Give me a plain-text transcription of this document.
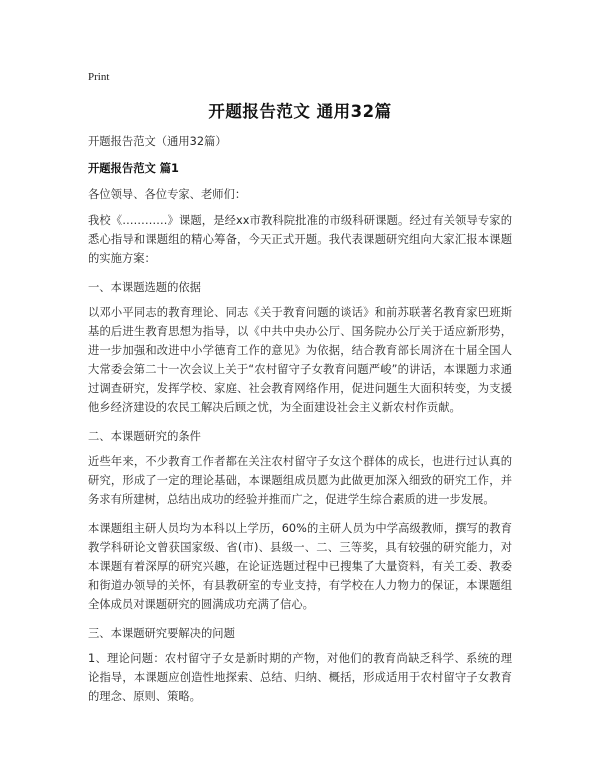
Print
开题报告范文 通用32篇

开题报告范文（通用32篇）

开题报告范文 篇1

各位领导、各位专家、老师们：

我校《…………》课题，是经xx市教科院批准的市级科研课题。经过有关领导专家的悉心指导和课题组的精心筹备，今天正式开题。我代表课题研究组向大家汇报本课题的实施方案：

一、本课题选题的依据

以邓小平同志的教育理论、同志《关于教育问题的谈话》和前苏联著名教育家巴班斯基的后进生教育思想为指导，以《中共中央办公厅、国务院办公厅关于适应新形势，进一步加强和改进中小学德育工作的意见》为依据，结合教育部长周济在十届全国人大常委会第二十一次会议上关于“农村留守子女教育问题严峻”的讲话，本课题力求通过调查研究，发挥学校、家庭、社会教育网络作用，促进问题生大面积转变，为支援他乡经济建设的农民工解决后顾之忧，为全面建设社会主义新农村作贡献。

二、本课题研究的条件

近些年来，不少教育工作者都在关注农村留守子女这个群体的成长，也进行过认真的研究，形成了一定的理论基础，本课题组成员愿为此做更加深入细致的研究工作，并务求有所建树，总结出成功的经验并推而广之，促进学生综合素质的进一步发展。

本课题组主研人员均为本科以上学历，60%的主研人员为中学高级教师，撰写的教育教学科研论文曾获国家级、省(市)、县级一、二、三等奖，具有较强的研究能力，对本课题有着深厚的研究兴趣，在论证选题过程中已搜集了大量资料，有关工委、教委和街道办领导的关怀，有县教研室的专业支持，有学校在人力物力的保证，本课题组全体成员对课题研究的圆满成功充满了信心。

三、本课题研究要解决的问题

1、理论问题：农村留守子女是新时期的产物，对他们的教育尚缺乏科学、系统的理论指导，本课题应创造性地探索、总结、归纳、概括，形成适用于农村留守子女教育的理念、原则、策略。
